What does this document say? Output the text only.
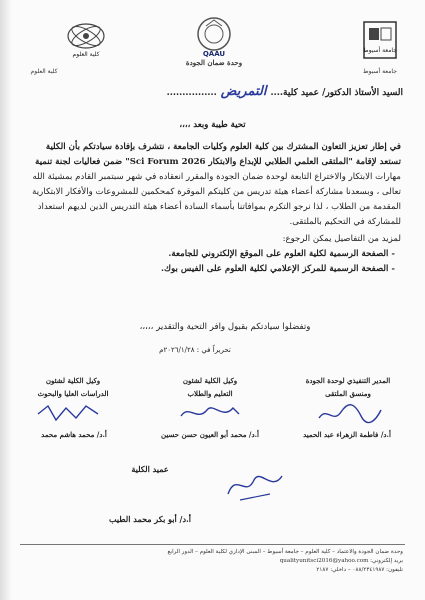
جامعة أسيوط
جامعة أسيوط
QAAU
وحدة ضمان الجودة
كلية العلوم
كلية العلوم
السيد الأستاذ الدكتور/ عميد كلية....التمريض................
تحية طيبة وبعد ،،،،
في إطار تعزيز التعاون المشترك بين كلية العلوم وكليات الجامعة ، نتشرف بإفادة سيادتكم بأن الكلية
تستعد لإقامة "الملتقى العلمي الطلابي للإبداع والابتكار Sci Forum 2026" ضمن فعاليات لجنة تنمية
مهارات الابتكار والاختراع التابعة لوحدة ضمان الجودة والمقرر انعقاده في شهر سبتمبر القادم بمشيئة الله
تعالى ، وبسعدنا مشاركة أعضاء هيئة تدريس من كليتكم الموقرة كمحكمين للمشروعات والأفكار الابتكارية
المقدمة من الطلاب ، لذا نرجو التكرم بموافاتنا بأسماء السادة أعضاء هيئة التدريس الذين لديهم استعداد
للمشاركة في التحكيم بالملتقى.
لمزيد من التفاصيل يمكن الرجوع:
- الصفحة الرسمية لكلية العلوم على الموقع الإلكتروني للجامعة.
- الصفحة الرسمية للمركز الإعلامي لكلية العلوم على الفيس بوك.
وتفضلوا سيادتكم بقبول وافر التحية والتقدير ،،،،،
تحريراً في : ٢٠٢٦/١/٢٨م
المدير التنفيذي لوحدة الجودة
ومنسق الملتقى
أ.د/ فاطمة الزهراء عبد الحميد
وكيل الكلية لشئون
التعليم والطلاب
أ.د/ محمد أبو العيون حسن حسين
وكيل الكلية لشئون
الدراسات العليا والبحوث
أ.د/ محمد هاشم محمد
عميد الكلية
أ.د/ أبو بكر محمد الطيب
وحدة ضمان الجودة والاعتماد – كلية العلوم – جامعة أسيوط – المبنى الإداري لكلية العلوم – الدور الرابع
بريد إلكتروني: qualityunitsci2016@yahoo.com
تليفون: ٠٨٨/٢٣٤١٩٨٧ – داخلي: ٢١٨٧
